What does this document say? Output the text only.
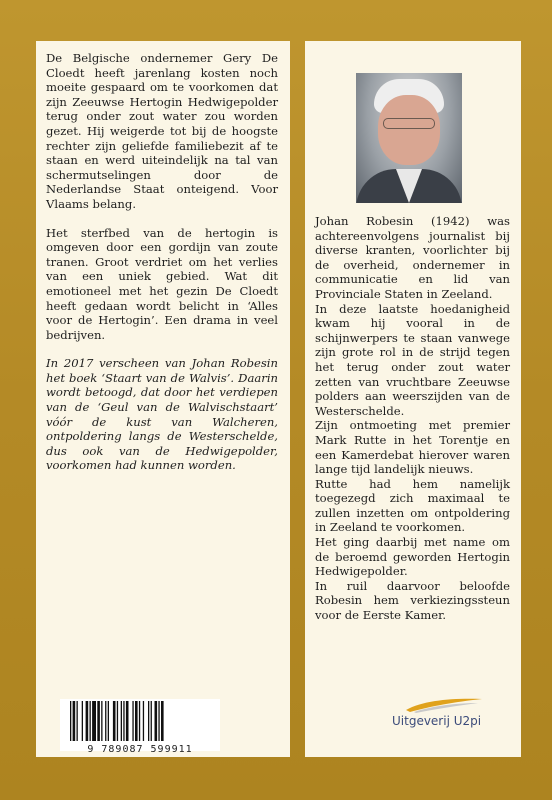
De Belgische ondernemer Gery De Cloedt heeft jarenlang kosten noch moeite gespaard om te voorkomen dat zijn Zeeuwse Hertogin Hedwigepolder terug onder zout water zou worden gezet. Hij weigerde tot bij de hoogste rechter zijn geliefde familiebezit af te staan en werd uiteindelijk na tal van schermutselingen door de Nederlandse Staat onteigend. Voor Vlaams belang.

Het sterfbed van de hertogin is omgeven door een gordijn van zoute tranen. Groot verdriet om het verlies van een uniek gebied. Wat dit emotioneel met het gezin De Cloedt heeft gedaan wordt belicht in ‘Alles voor de Hertogin’. Een drama in veel bedrijven.

In 2017 verscheen van Johan Robesin het boek ‘Staart van de Walvis’. Daarin wordt betoogd, dat door het verdiepen van de ‘Geul van de Walvischstaart’ vóór de kust van Walcheren, ontpoldering langs de Westerschelde, dus ook van de Hedwigepolder, voorkomen had kunnen worden.

9 789087 599911

Johan Robesin (1942) was achtereenvolgens journalist bij diverse kranten, voorlichter bij de overheid, ondernemer in communicatie en lid van Provinciale Staten in Zeeland.

In deze laatste hoedanigheid kwam hij vooral in de schijnwerpers te staan vanwege zijn grote rol in de strijd tegen het terug onder zout water zetten van vruchtbare Zeeuwse polders aan weerszijden van de Westerschelde.

Zijn ontmoeting met premier Mark Rutte in het Torentje en een Kamerdebat hierover waren lange tijd landelijk nieuws.

Rutte had hem namelijk toegezegd zich maximaal te zullen inzetten om ontpoldering in Zeeland te voorkomen.

Het ging daarbij met name om de beroemd geworden Hertogin Hedwigepolder.

In ruil daarvoor beloofde Robesin hem verkiezingssteun voor de Eerste Kamer.

Uitgeverij U2pi
